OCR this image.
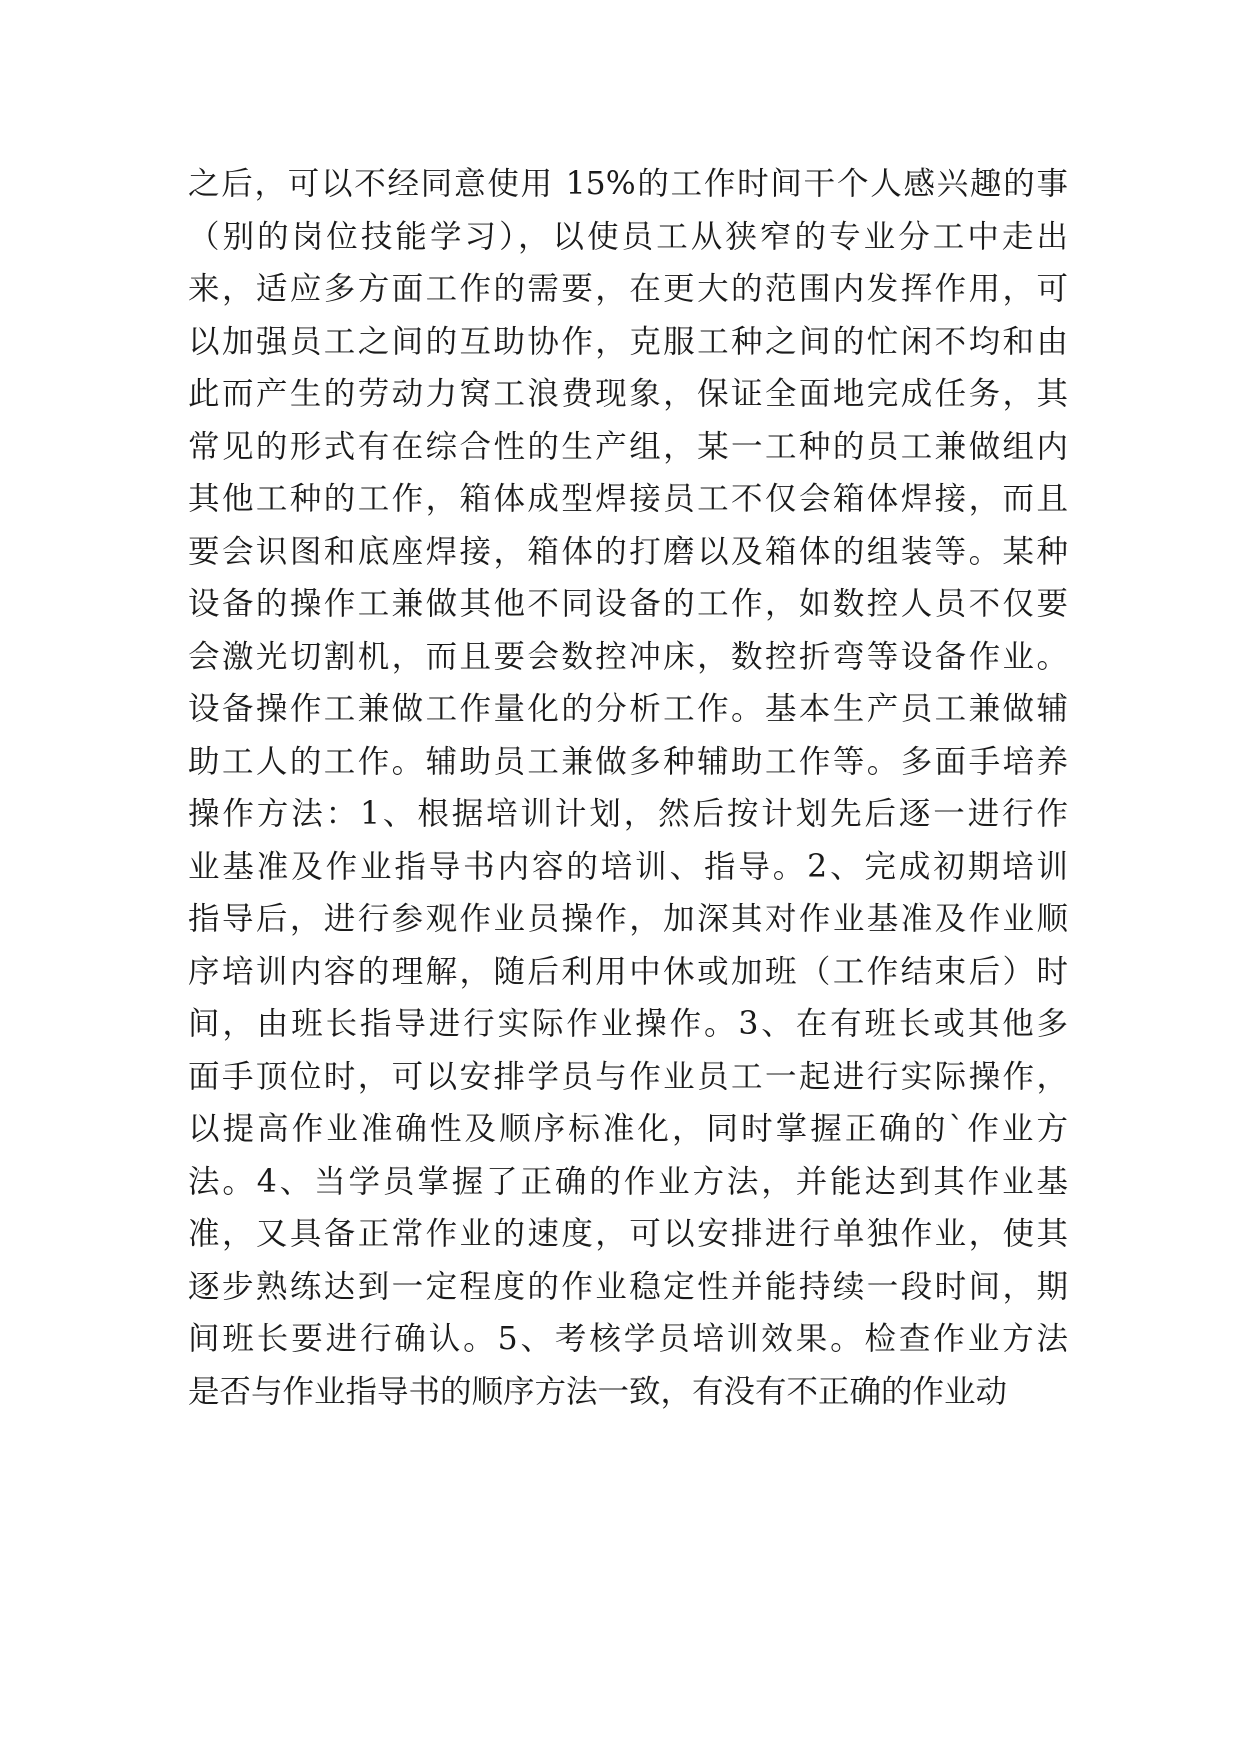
之后，可以不经同意使用 15%的工作时间干个人感兴趣的事
（别的岗位技能学习），以使员工从狭窄的专业分工中走出
来，适应多方面工作的需要，在更大的范围内发挥作用，可
以加强员工之间的互助协作，克服工种之间的忙闲不均和由
此而产生的劳动力窝工浪费现象，保证全面地完成任务，其
常见的形式有在综合性的生产组，某一工种的员工兼做组内
其他工种的工作，箱体成型焊接员工不仅会箱体焊接，而且
要会识图和底座焊接，箱体的打磨以及箱体的组装等。某种
设备的操作工兼做其他不同设备的工作，如数控人员不仅要
会激光切割机，而且要会数控冲床，数控折弯等设备作业。
设备操作工兼做工作量化的分析工作。基本生产员工兼做辅
助工人的工作。辅助员工兼做多种辅助工作等。多面手培养
操作方法：1、根据培训计划，然后按计划先后逐一进行作
业基准及作业指导书内容的培训、指导。2、完成初期培训
指导后，进行参观作业员操作，加深其对作业基准及作业顺
序培训内容的理解，随后利用中休或加班（工作结束后）时
间，由班长指导进行实际作业操作。3、在有班长或其他多
面手顶位时，可以安排学员与作业员工一起进行实际操作，
以提高作业准确性及顺序标准化，同时掌握正确的`作业方
法。4、当学员掌握了正确的作业方法，并能达到其作业基
准，又具备正常作业的速度，可以安排进行单独作业，使其
逐步熟练达到一定程度的作业稳定性并能持续一段时间，期
间班长要进行确认。5、考核学员培训效果。检查作业方法
是否与作业指导书的顺序方法一致，有没有不正确的作业动
